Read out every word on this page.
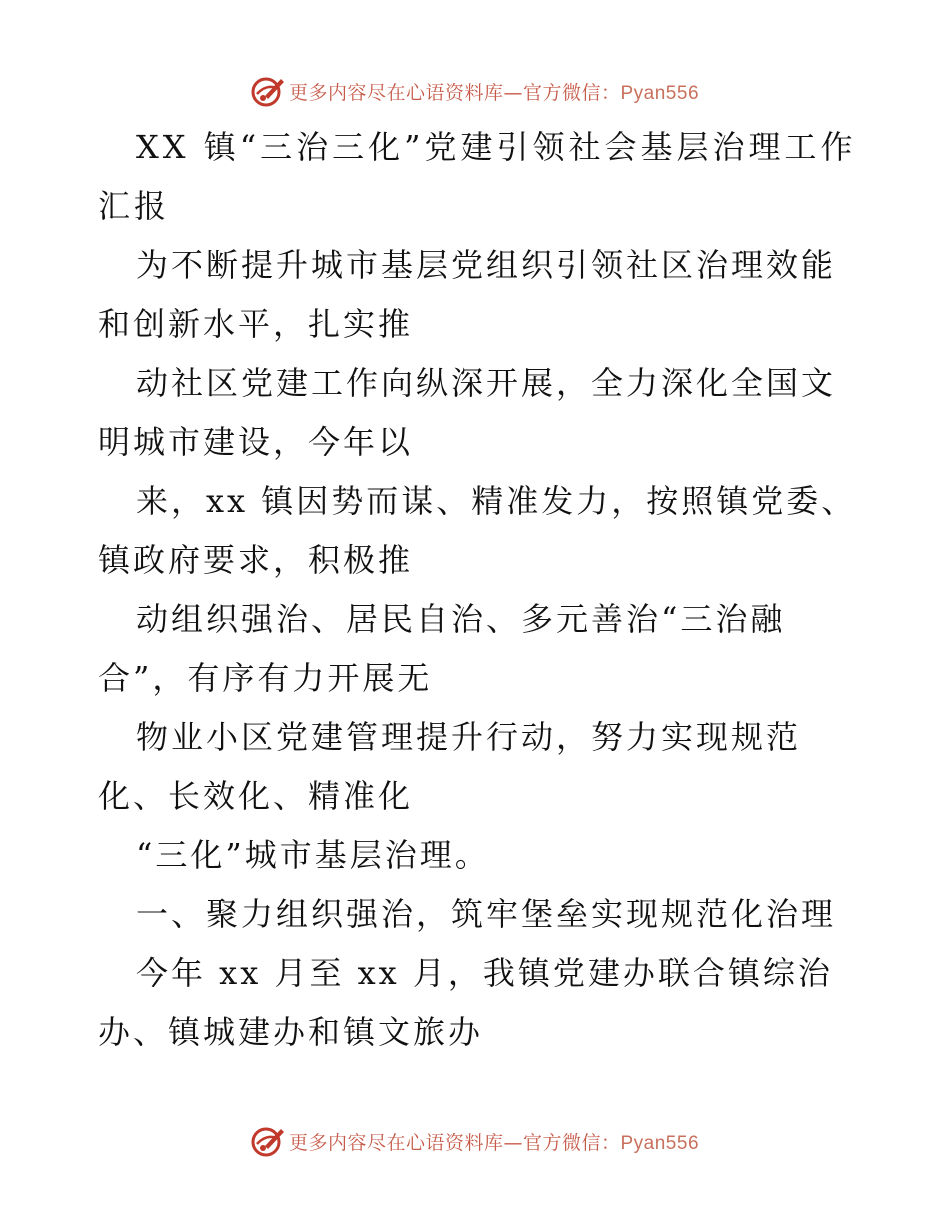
更多内容尽在心语资料库—官方微信：Pyan556

XX 镇“三治三化”党建引领社会基层治理工作汇报

为不断提升城市基层党组织引领社区治理效能和创新水平，扎实推

动社区党建工作向纵深开展，全力深化全国文明城市建设，今年以

来，xx 镇因势而谋、精准发力，按照镇党委、镇政府要求，积极推

动组织强治、居民自治、多元善治“三治融合”，有序有力开展无

物业小区党建管理提升行动，努力实现规范化、长效化、精准化

“三化”城市基层治理。

一、聚力组织强治，筑牢堡垒实现规范化治理

今年 xx 月至 xx 月，我镇党建办联合镇综治办、镇城建办和镇文旅办

更多内容尽在心语资料库—官方微信：Pyan556
